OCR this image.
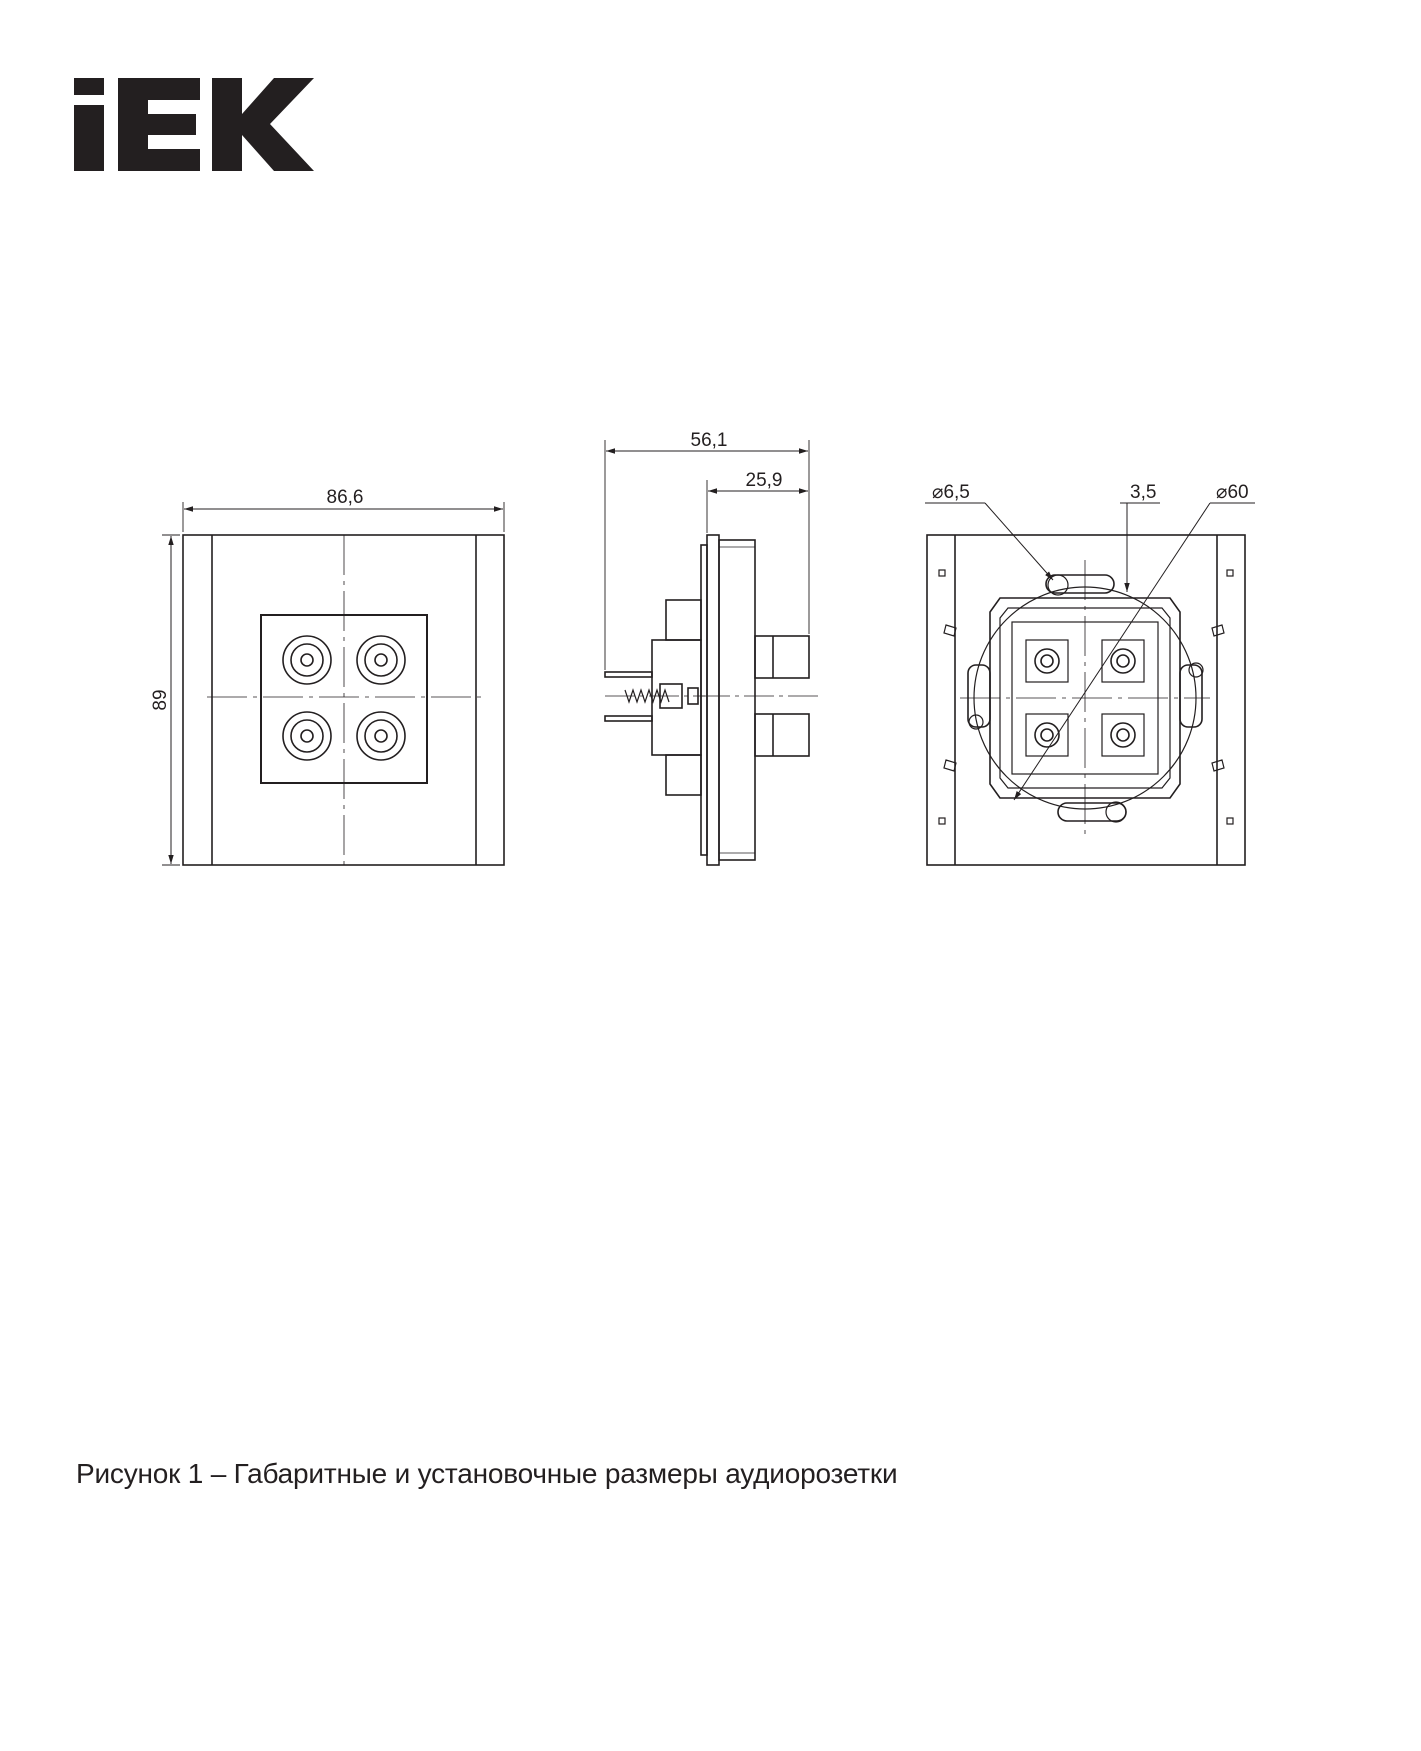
86,6
89
56,1
25,9
⌀6,5	3,5	⌀60
Рисунок 1 – Габаритные и установочные размеры аудиорозетки
